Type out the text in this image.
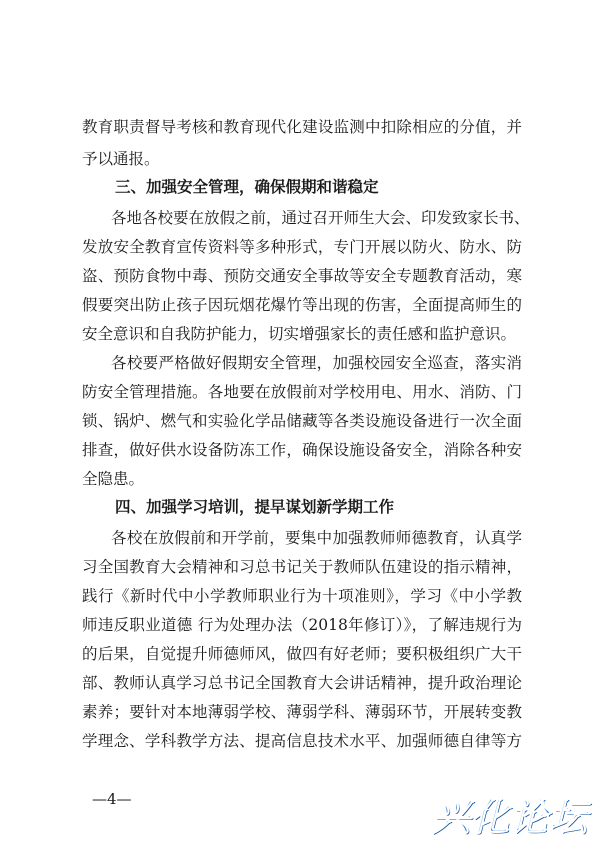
教育职责督导考核和教育现代化建设监测中扣除相应的分值，并
予以通报。
三、加强安全管理，确保假期和谐稳定
各地各校要在放假之前，通过召开师生大会、印发致家长书、
发放安全教育宣传资料等多种形式，专门开展以防火、防水、防
盗、预防食物中毒、预防交通安全事故等安全专题教育活动，寒
假要突出防止孩子因玩烟花爆竹等出现的伤害，全面提高师生的
安全意识和自我防护能力，切实增强家长的责任感和监护意识。
各校要严格做好假期安全管理，加强校园安全巡查，落实消
防安全管理措施。各地要在放假前对学校用电、用水、消防、门
锁、锅炉、燃气和实验化学品储藏等各类设施设备进行一次全面
排查，做好供水设备防冻工作，确保设施设备安全，消除各种安
全隐患。
四、加强学习培训，提早谋划新学期工作
各校在放假前和开学前，要集中加强教师师德教育，认真学
习全国教育大会精神和习总书记关于教师队伍建设的指示精神，
践行《新时代中小学教师职业行为十项准则》，学习《中小学教
师违反职业道德 行为处理办法（2018年修订）》，了解违规行为
的后果，自觉提升师德师风，做四有好老师；要积极组织广大干
部、教师认真学习总书记全国教育大会讲话精神，提升政治理论
素养；要针对本地薄弱学校、薄弱学科、薄弱环节，开展转变教
学理念、学科教学方法、提高信息技术水平、加强师德自律等方
—4—	兴化论坛
